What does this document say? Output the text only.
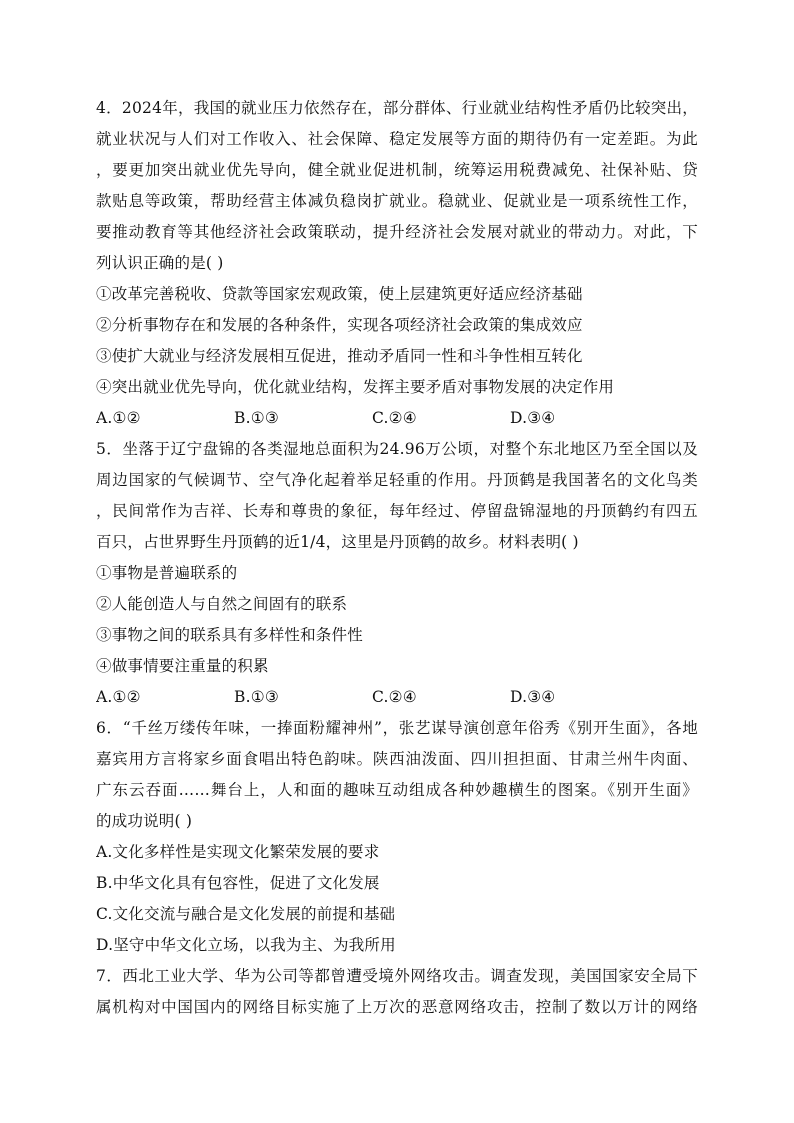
4．2024年，我国的就业压力依然存在，部分群体、行业就业结构性矛盾仍比较突出，
就业状况与人们对工作收入、社会保障、稳定发展等方面的期待仍有一定差距。为此
，要更加突出就业优先导向，健全就业促进机制，统筹运用税费减免、社保补贴、贷
款贴息等政策，帮助经营主体减负稳岗扩就业。稳就业、促就业是一项系统性工作，
要推动教育等其他经济社会政策联动，提升经济社会发展对就业的带动力。对此，下
列认识正确的是( )
①改革完善税收、贷款等国家宏观政策，使上层建筑更好适应经济基础
②分析事物存在和发展的各种条件，实现各项经济社会政策的集成效应
③使扩大就业与经济发展相互促进，推动矛盾同一性和斗争性相互转化
④突出就业优先导向，优化就业结构，发挥主要矛盾对事物发展的决定作用
A.①②	B.①③	C.②④	D.③④
5．坐落于辽宁盘锦的各类湿地总面积为24.96万公顷，对整个东北地区乃至全国以及
周边国家的气候调节、空气净化起着举足轻重的作用。丹顶鹤是我国著名的文化鸟类
，民间常作为吉祥、长寿和尊贵的象征，每年经过、停留盘锦湿地的丹顶鹤约有四五
百只，占世界野生丹顶鹤的近1/4，这里是丹顶鹤的故乡。材料表明( )
①事物是普遍联系的
②人能创造人与自然之间固有的联系
③事物之间的联系具有多样性和条件性
④做事情要注重量的积累
A.①②	B.①③	C.②④	D.③④
6．“千丝万缕传年味，一捧面粉耀神州”，张艺谋导演创意年俗秀《别开生面》，各地
嘉宾用方言将家乡面食唱出特色韵味。陕西油泼面、四川担担面、甘肃兰州牛肉面、
广东云吞面……舞台上，人和面的趣味互动组成各种妙趣横生的图案。《别开生面》
的成功说明( )
A.文化多样性是实现文化繁荣发展的要求
B.中华文化具有包容性，促进了文化发展
C.文化交流与融合是文化发展的前提和基础
D.坚守中华文化立场，以我为主、为我所用
7．西北工业大学、华为公司等都曾遭受境外网络攻击。调查发现，美国国家安全局下
属机构对中国国内的网络目标实施了上万次的恶意网络攻击，控制了数以万计的网络
